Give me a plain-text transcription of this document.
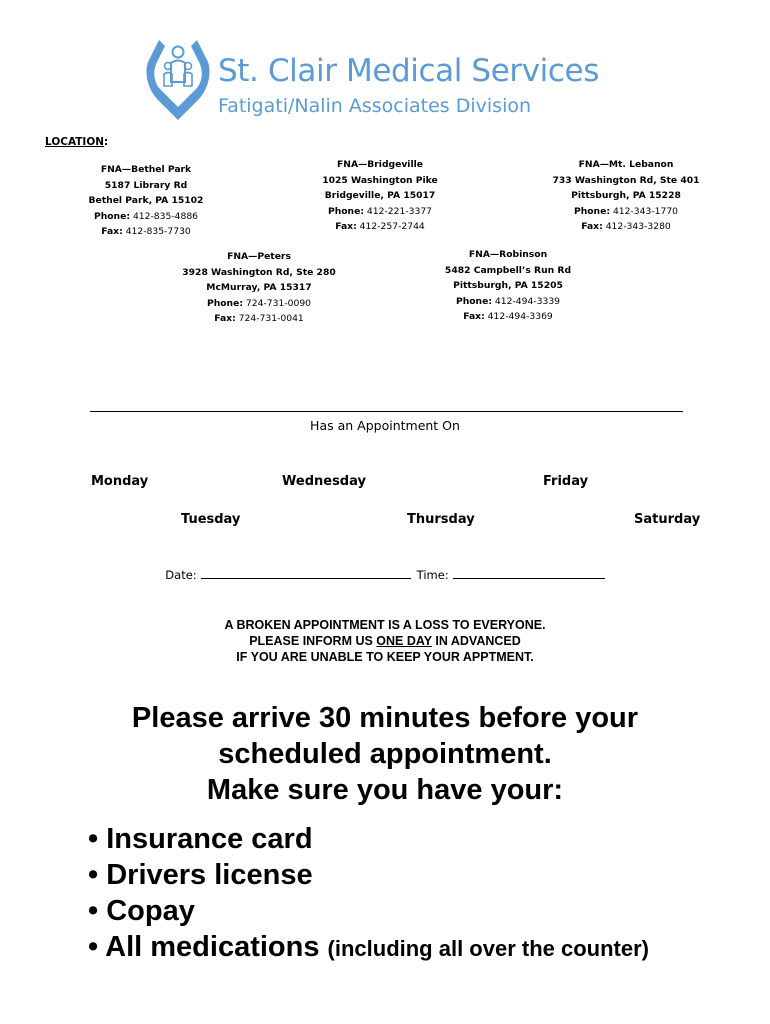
St. Clair Medical Services
Fatigati/Nalin Associates Division
LOCATION:
FNA—Bethel Park
5187 Library Rd
Bethel Park, PA 15102
Phone: 412-835-4886
Fax: 412-835-7730
FNA—Bridgeville
1025 Washington Pike
Bridgeville, PA 15017
Phone: 412-221-3377
Fax: 412-257-2744
FNA—Mt. Lebanon
733 Washington Rd, Ste 401
Pittsburgh, PA 15228
Phone: 412-343-1770
Fax: 412-343-3280
FNA—Peters
3928 Washington Rd, Ste 280
McMurray, PA 15317
Phone: 724-731-0090
Fax: 724-731-0041
FNA—Robinson
5482 Campbell’s Run Rd
Pittsburgh, PA 15205
Phone: 412-494-3339
Fax: 412-494-3369
Has an Appointment On
Monday	Wednesday	Friday
Tuesday	Thursday	Saturday
Date:	Time:
A BROKEN APPOINTMENT IS A LOSS TO EVERYONE.
PLEASE INFORM US ONE DAY IN ADVANCED
IF YOU ARE UNABLE TO KEEP YOUR APPTMENT.
Please arrive 30 minutes before your
scheduled appointment.
Make sure you have your:
• Insurance card
• Drivers license
• Copay
• All medications (including all over the counter)
